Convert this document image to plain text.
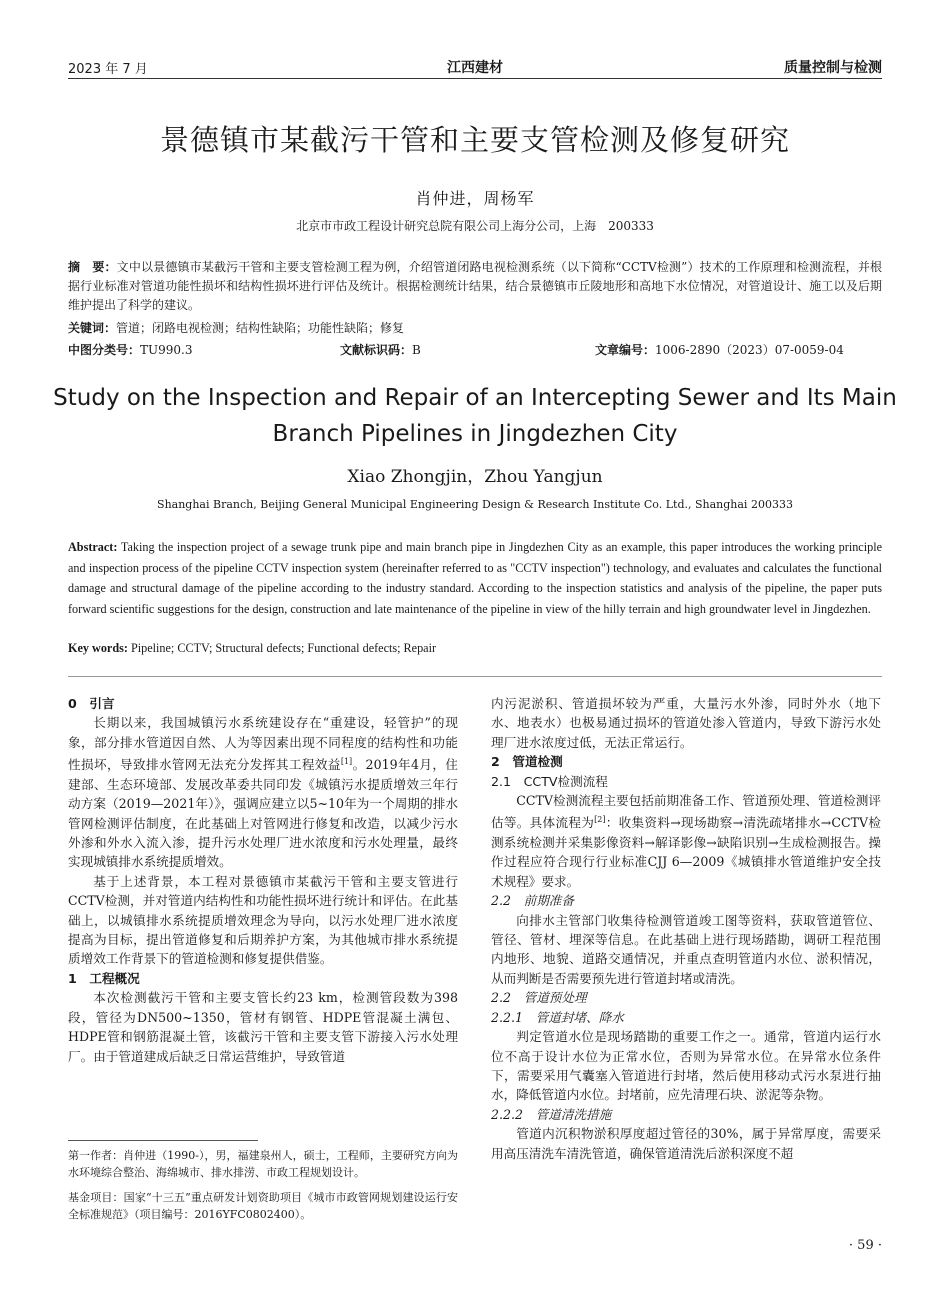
2023 年 7 月	江西建材	质量控制与检测
景德镇市某截污干管和主要支管检测及修复研究
肖仲进，周杨军
北京市市政工程设计研究总院有限公司上海分公司，上海　200333
摘　要：文中以景德镇市某截污干管和主要支管检测工程为例，介绍管道闭路电视检测系统（以下简称“CCTV检测”）技术的工作原理和检测流程，并根据行业标准对管道功能性损坏和结构性损坏进行评估及统计。根据检测统计结果，结合景德镇市丘陵地形和高地下水位情况，对管道设计、施工以及后期维护提出了科学的建议。
关键词：管道；闭路电视检测；结构性缺陷；功能性缺陷；修复
中图分类号：TU990.3	文献标识码：B	文章编号：1006-2890（2023）07-0059-04
Study on the Inspection and Repair of an Intercepting Sewer and Its Main Branch Pipelines in Jingdezhen City
Xiao Zhongjin，Zhou Yangjun
Shanghai Branch, Beijing General Municipal Engineering Design & Research Institute Co. Ltd., Shanghai 200333
Abstract: Taking the inspection project of a sewage trunk pipe and main branch pipe in Jingdezhen City as an example, this paper introduces the working principle and inspection process of the pipeline CCTV inspection system (hereinafter referred to as "CCTV inspection") technology, and evaluates and calculates the functional damage and structural damage of the pipeline according to the industry standard. According to the inspection statistics and analysis of the pipeline, the paper puts forward scientific suggestions for the design, construction and late maintenance of the pipeline in view of the hilly terrain and high groundwater level in Jingdezhen.
Key words: Pipeline; CCTV; Structural defects; Functional defects; Repair
0　引言

长期以来，我国城镇污水系统建设存在“重建设，轻管护”的现象，部分排水管道因自然、人为等因素出现不同程度的结构性和功能性损坏，导致排水管网无法充分发挥其工程效益[1]。2019年4月，住建部、生态环境部、发展改革委共同印发《城镇污水提质增效三年行动方案（2019—2021年）》，强调应建立以5~10年为一个周期的排水管网检测评估制度，在此基础上对管网进行修复和改造，以减少污水外渗和外水入流入渗，提升污水处理厂进水浓度和污水处理量，最终实现城镇排水系统提质增效。

基于上述背景，本工程对景德镇市某截污干管和主要支管进行CCTV检测，并对管道内结构性和功能性损坏进行统计和评估。在此基础上，以城镇排水系统提质增效理念为导向，以污水处理厂进水浓度提高为目标，提出管道修复和后期养护方案，为其他城市排水系统提质增效工作背景下的管道检测和修复提供借鉴。

1　工程概况

本次检测截污干管和主要支管长约23 km，检测管段数为398段，管径为DN500~1350，管材有钢管、HDPE管混凝土满包、HDPE管和钢筋混凝土管，该截污干管和主要支管下游接入污水处理厂。由于管道建成后缺乏日常运营维护，导致管道

内污泥淤积、管道损坏较为严重，大量污水外渗，同时外水（地下水、地表水）也极易通过损坏的管道处渗入管道内，导致下游污水处理厂进水浓度过低，无法正常运行。

2　管道检测
2.1　CCTV检测流程

CCTV检测流程主要包括前期准备工作、管道预处理、管道检测评估等。具体流程为[2]：收集资料→现场勘察→清洗疏堵排水→CCTV检测系统检测并采集影像资料→解译影像→缺陷识别→生成检测报告。操作过程应符合现行行业标准CJJ 6—2009《城镇排水管道维护安全技术规程》要求。

2.2　前期准备

向排水主管部门收集待检测管道竣工图等资料，获取管道管位、管径、管材、埋深等信息。在此基础上进行现场踏勘，调研工程范围内地形、地貌、道路交通情况，并重点查明管道内水位、淤积情况，从而判断是否需要预先进行管道封堵或清洗。

2.2　管道预处理
2.2.1　管道封堵、降水

判定管道水位是现场踏勘的重要工作之一。通常，管道内运行水位不高于设计水位为正常水位，否则为异常水位。在异常水位条件下，需要采用气囊塞入管道进行封堵，然后使用移动式污水泵进行抽水，降低管道内水位。封堵前，应先清理石块、淤泥等杂物。

2.2.2　管道清洗措施

管道内沉积物淤积厚度超过管径的30%，属于异常厚度，需要采用高压清洗车清洗管道，确保管道清洗后淤积深度不超

第一作者：肖仲进（1990-），男，福建泉州人，硕士，工程师，主要研究方向为水环境综合整治、海绵城市、排水排涝、市政工程规划设计。
基金项目：国家“十三五”重点研发计划资助项目《城市市政管网规划建设运行安全标准规范》（项目编号：2016YFC0802400）。
· 59 ·
